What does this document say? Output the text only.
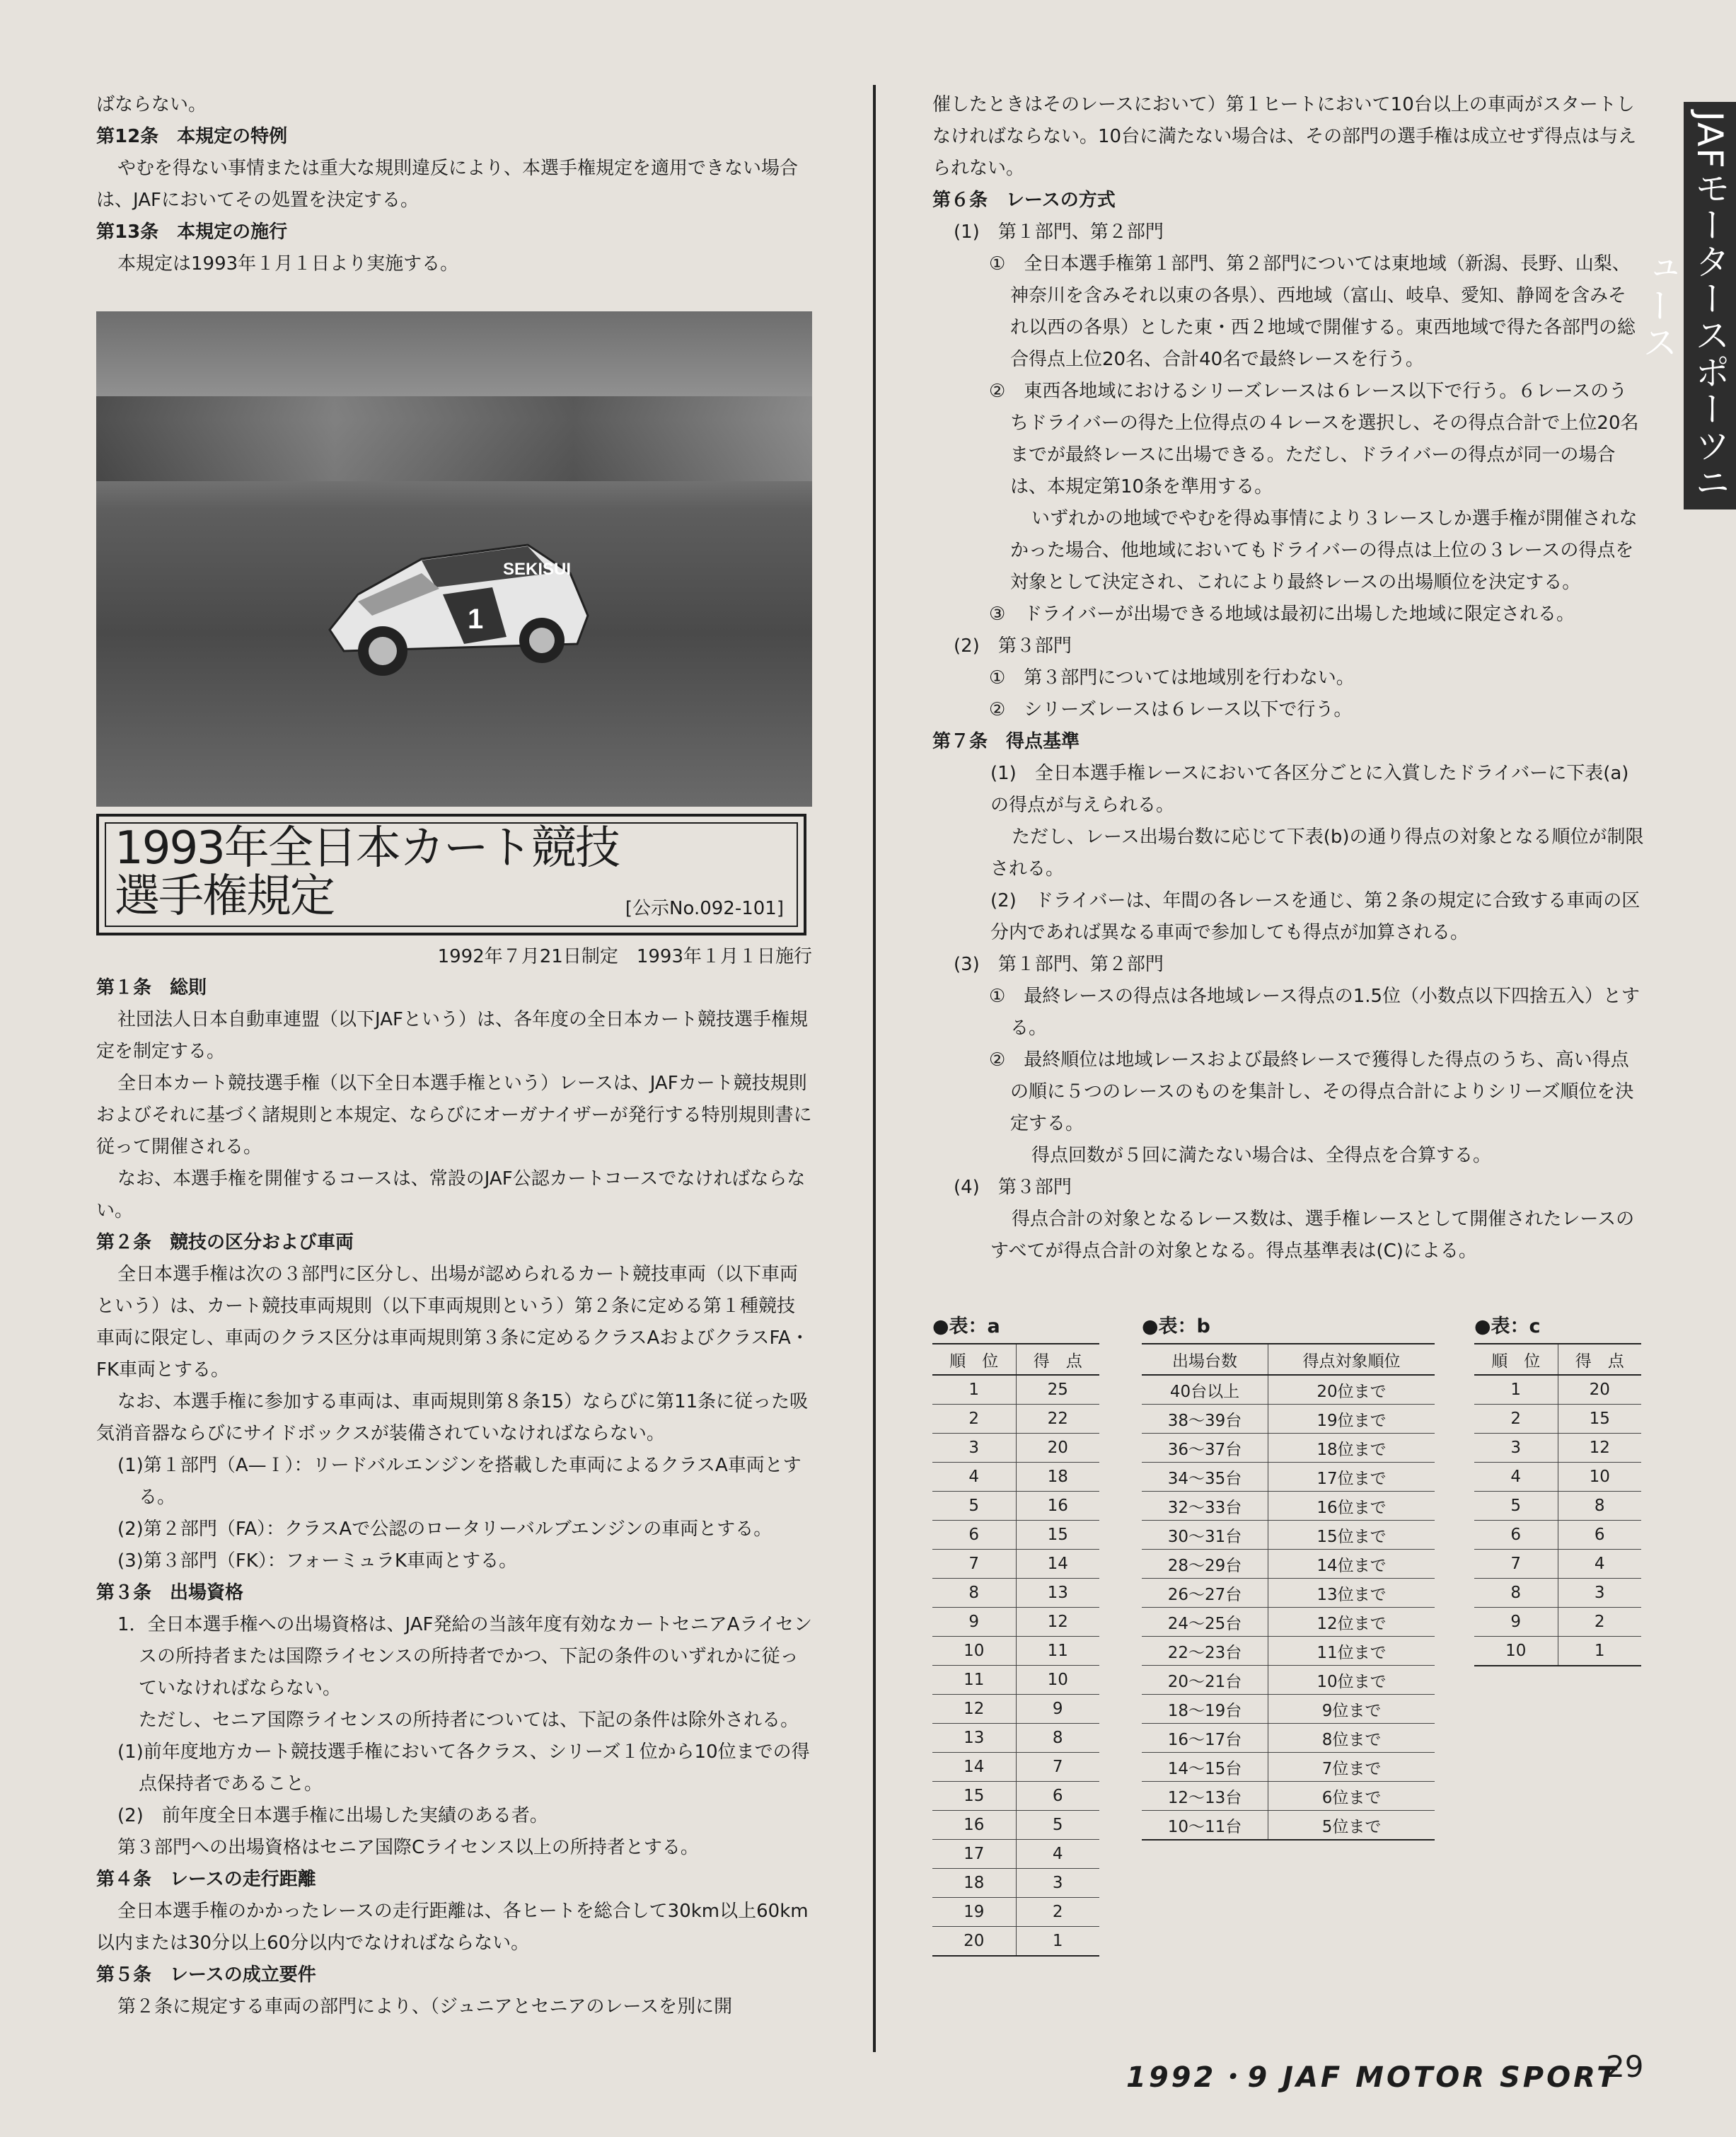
JAFモータースポーツニュース

ばならない。

第12条　本規定の特例

やむを得ない事情または重大な規則違反により、本選手権規定を適用できない場合は、JAFにおいてその処置を決定する。

第13条　本規定の施行

本規定は1993年１月１日より実施する。

SEKISUI
1
1993年全日本カート競技
選手権規定	[公示No.092-101]
1992年７月21日制定　1993年１月１日施行

第１条　総則

社団法人日本自動車連盟（以下JAFという）は、各年度の全日本カート競技選手権規定を制定する。

全日本カート競技選手権（以下全日本選手権という）レースは、JAFカート競技規則およびそれに基づく諸規則と本規定、ならびにオーガナイザーが発行する特別規則書に従って開催される。

なお、本選手権を開催するコースは、常設のJAF公認カートコースでなければならない。

第２条　競技の区分および車両

全日本選手権は次の３部門に区分し、出場が認められるカート競技車両（以下車両という）は、カート競技車両規則（以下車両規則という）第２条に定める第１種競技車両に限定し、車両のクラス区分は車両規則第３条に定めるクラスAおよびクラスFA・FK車両とする。

なお、本選手権に参加する車両は、車両規則第８条15）ならびに第11条に従った吸気消音器ならびにサイドボックスが装備されていなければならない。

(1)第１部門（A—Ｉ）：リードバルエンジンを搭載した車両によるクラスA車両とする。

(2)第２部門（FA）：クラスAで公認のロータリーバルブエンジンの車両とする。

(3)第３部門（FK）：フォーミュラK車両とする。

第３条　出場資格

1．全日本選手権への出場資格は、JAF発給の当該年度有効なカートセニアAライセンスの所持者または国際ライセンスの所持者でかつ、下記の条件のいずれかに従っていなければならない。

ただし、セニア国際ライセンスの所持者については、下記の条件は除外される。

(1)前年度地方カート競技選手権において各クラス、シリーズ１位から10位までの得点保持者であること。

(2)　前年度全日本選手権に出場した実績のある者。

第３部門への出場資格はセニア国際Cライセンス以上の所持者とする。

第４条　レースの走行距離

全日本選手権のかかったレースの走行距離は、各ヒートを総合して30km以上60km以内または30分以上60分以内でなければならない。

第５条　レースの成立要件

第２条に規定する車両の部門により、（ジュニアとセニアのレースを別に開

催したときはそのレースにおいて）第１ヒートにおいて10台以上の車両がスタートしなければならない。10台に満たない場合は、その部門の選手権は成立せず得点は与えられない。

第６条　レースの方式

(1)　第１部門、第２部門

①　全日本選手権第１部門、第２部門については東地域（新潟、長野、山梨、神奈川を含みそれ以東の各県）、西地域（富山、岐阜、愛知、静岡を含みそれ以西の各県）とした東・西２地域で開催する。東西地域で得た各部門の総合得点上位20名、合計40名で最終レースを行う。

②　東西各地域におけるシリーズレースは６レース以下で行う。６レースのうちドライバーの得た上位得点の４レースを選択し、その得点合計で上位20名までが最終レースに出場できる。ただし、ドライバーの得点が同一の場合は、本規定第10条を準用する。

いずれかの地域でやむを得ぬ事情により３レースしか選手権が開催されなかった場合、他地域においてもドライバーの得点は上位の３レースの得点を対象として決定され、これにより最終レースの出場順位を決定する。

③　ドライバーが出場できる地域は最初に出場した地域に限定される。

(2)　第３部門

①　第３部門については地域別を行わない。

②　シリーズレースは６レース以下で行う。

第７条　得点基準

(1)　全日本選手権レースにおいて各区分ごとに入賞したドライバーに下表(a)の得点が与えられる。

ただし、レース出場台数に応じて下表(b)の通り得点の対象となる順位が制限される。

(2)　ドライバーは、年間の各レースを通じ、第２条の規定に合致する車両の区分内であれば異なる車両で参加しても得点が加算される。

(3)　第１部門、第２部門

①　最終レースの得点は各地域レース得点の1.5位（小数点以下四捨五入）とする。

②　最終順位は地域レースおよび最終レースで獲得した得点のうち、高い得点の順に５つのレースのものを集計し、その得点合計によりシリーズ順位を決定する。

得点回数が５回に満たない場合は、全得点を合算する。

(4)　第３部門

得点合計の対象となるレース数は、選手権レースとして開催されたレースのすべてが得点合計の対象となる。得点基準表は(C)による。

●表：a
順　位	得　点
1	25
2	22
3	20
4	18
5	16
6	15
7	14
8	13
9	12
10	11
11	10
12	9
13	8
14	7
15	6
16	5
17	4
18	3
19	2
20	1
●表：b
出場台数	得点対象順位
40台以上	20位まで
38〜39台	19位まで
36〜37台	18位まで
34〜35台	17位まで
32〜33台	16位まで
30〜31台	15位まで
28〜29台	14位まで
26〜27台	13位まで
24〜25台	12位まで
22〜23台	11位まで
20〜21台	10位まで
18〜19台	9位まで
16〜17台	8位まで
14〜15台	7位まで
12〜13台	6位まで
10〜11台	5位まで
●表：c
順　位	得　点
1	20
2	15
3	12
4	10
5	8
6	6
7	4
8	3
9	2
10	1
1992・9 JAF MOTOR SPORT
29
